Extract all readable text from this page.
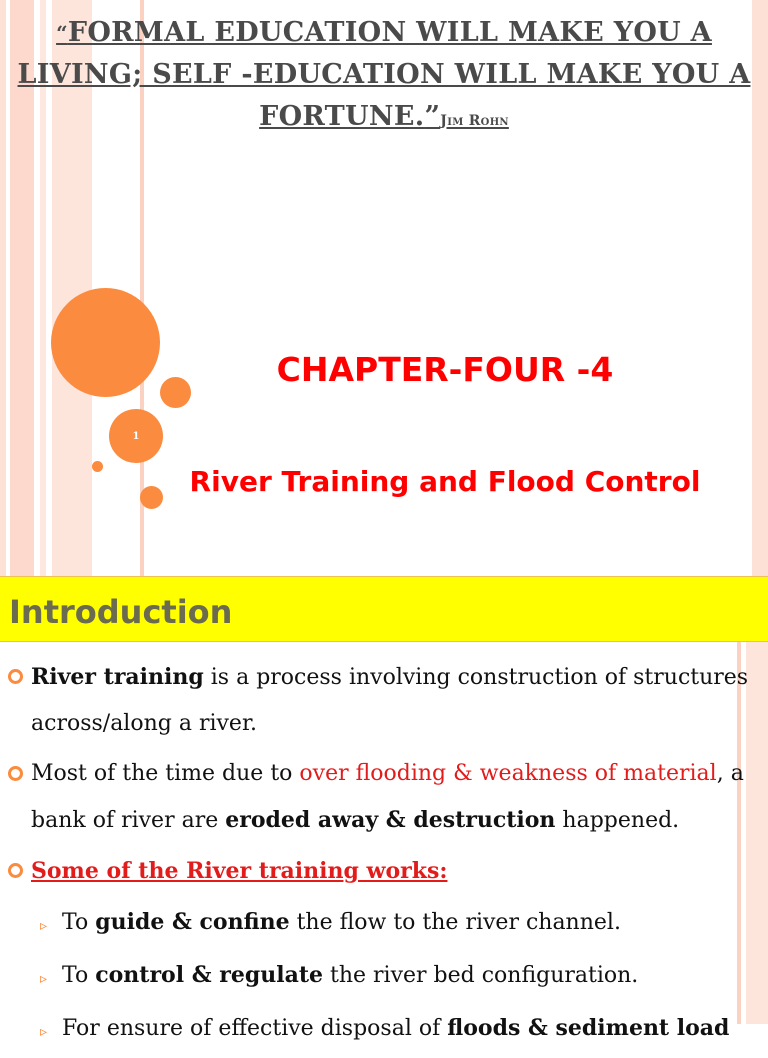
“FORMAL EDUCATION WILL MAKE YOU A LIVING; SELF -EDUCATION WILL MAKE YOU A FORTUNE.”Jim Rohn
1
CHAPTER-FOUR -4
River Training and Flood Control
Introduction
River training is a process involving construction of structures across/along a river.
Most of the time due to over flooding & weakness of material, a bank of river are eroded away & destruction happened.
Some of the River training works:
▹ To guide & confine the flow to the river channel.
▹ To control & regulate the river bed configuration.
▹ For ensure of effective disposal of floods & sediment load
